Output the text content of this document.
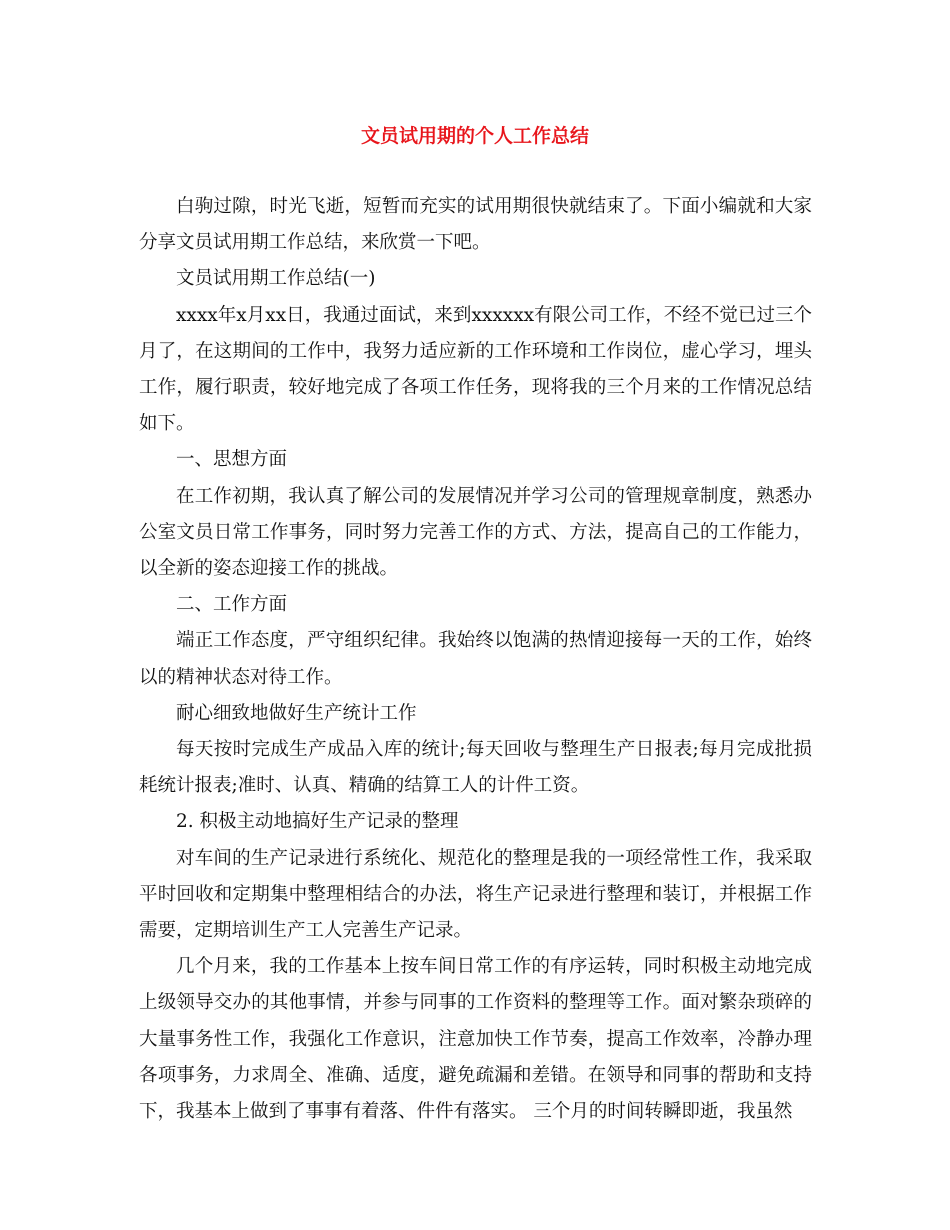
文员试用期的个人工作总结

白驹过隙，时光飞逝，短暂而充实的试用期很快就结束了。下面小编就和大家分享文员试用期工作总结，来欣赏一下吧。

文员试用期工作总结(一)

xxxx年x月xx日，我通过面试，来到xxxxxx有限公司工作，不经不觉已过三个月了，在这期间的工作中，我努力适应新的工作环境和工作岗位，虚心学习，埋头工作，履行职责，较好地完成了各项工作任务，现将我的三个月来的工作情况总结如下。

一、思想方面

在工作初期，我认真了解公司的发展情况并学习公司的管理规章制度，熟悉办公室文员日常工作事务，同时努力完善工作的方式、方法，提高自己的工作能力，以全新的姿态迎接工作的挑战。

二、工作方面

端正工作态度，严守组织纪律。我始终以饱满的热情迎接每一天的工作，始终以的精神状态对待工作。

耐心细致地做好生产统计工作

每天按时完成生产成品入库的统计;每天回收与整理生产日报表;每月完成批损耗统计报表;准时、认真、精确的结算工人的计件工资。

2. 积极主动地搞好生产记录的整理

对车间的生产记录进行系统化、规范化的整理是我的一项经常性工作，我采取平时回收和定期集中整理相结合的办法，将生产记录进行整理和装订，并根据工作需要，定期培训生产工人完善生产记录。

几个月来，我的工作基本上按车间日常工作的有序运转，同时积极主动地完成上级领导交办的其他事情，并参与同事的工作资料的整理等工作。面对繁杂琐碎的大量事务性工作，我强化工作意识，注意加快工作节奏，提高工作效率，冷静办理各项事务，力求周全、准确、适度，避免疏漏和差错。在领导和同事的帮助和支持下，我基本上做到了事事有着落、件件有落实。 三个月的时间转瞬即逝，我虽然
